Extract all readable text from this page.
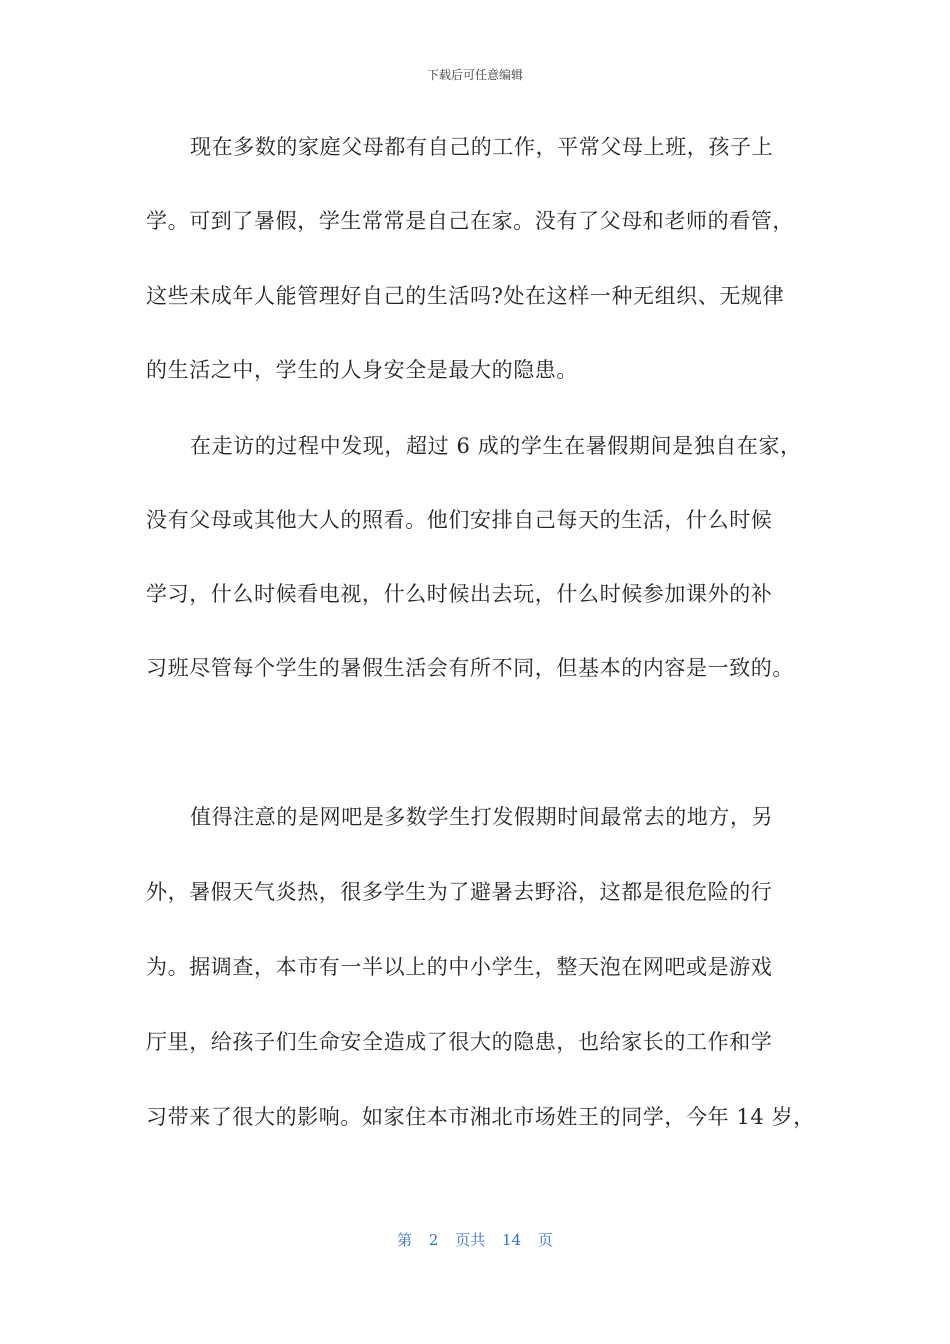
下载后可任意编辑
现在多数的家庭父母都有自己的工作，平常父母上班，孩子上
学。可到了暑假，学生常常是自己在家。没有了父母和老师的看管，
这些未成年人能管理好自己的生活吗?处在这样一种无组织、无规律
的生活之中，学生的人身安全是最大的隐患。
在走访的过程中发现，超过 6 成的学生在暑假期间是独自在家，
没有父母或其他大人的照看。他们安排自己每天的生活，什么时候
学习，什么时候看电视，什么时候出去玩，什么时候参加课外的补
习班尽管每个学生的暑假生活会有所不同，但基本的内容是一致的。
值得注意的是网吧是多数学生打发假期时间最常去的地方，另
外，暑假天气炎热，很多学生为了避暑去野浴，这都是很危险的行
为。据调查，本市有一半以上的中小学生，整天泡在网吧或是游戏
厅里，给孩子们生命安全造成了很大的隐患，也给家长的工作和学
习带来了很大的影响。如家住本市湘北市场姓王的同学，今年 14 岁，
第 2 页共 14 页
